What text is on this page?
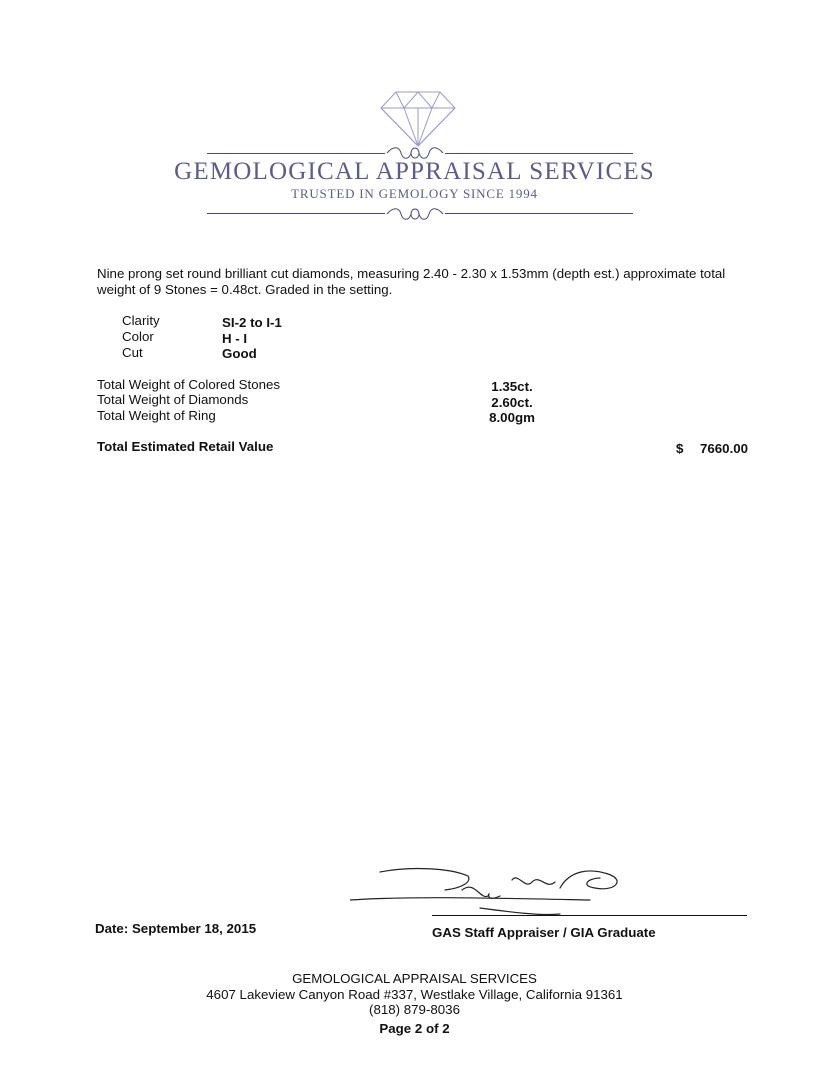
GEMOLOGICAL APPRAISAL SERVICES
TRUSTED IN GEMOLOGY SINCE 1994
Nine prong set round brilliant cut diamonds, measuring 2.40 - 2.30 x 1.53mm (depth est.) approximate total weight of 9 Stones = 0.48ct. Graded in the setting.
Clarity	SI-2 to I-1
Color	H - I
Cut	Good
Total Weight of Colored Stones	1.35ct.
Total Weight of Diamonds	2.60ct.
Total Weight of Ring	8.00gm
Total Estimated Retail Value	$ 7660.00
Date: September 18, 2015	GAS Staff Appraiser / GIA Graduate
GEMOLOGICAL APPRAISAL SERVICES
4607 Lakeview Canyon Road #337, Westlake Village, California 91361
(818) 879-8036
Page 2 of 2
